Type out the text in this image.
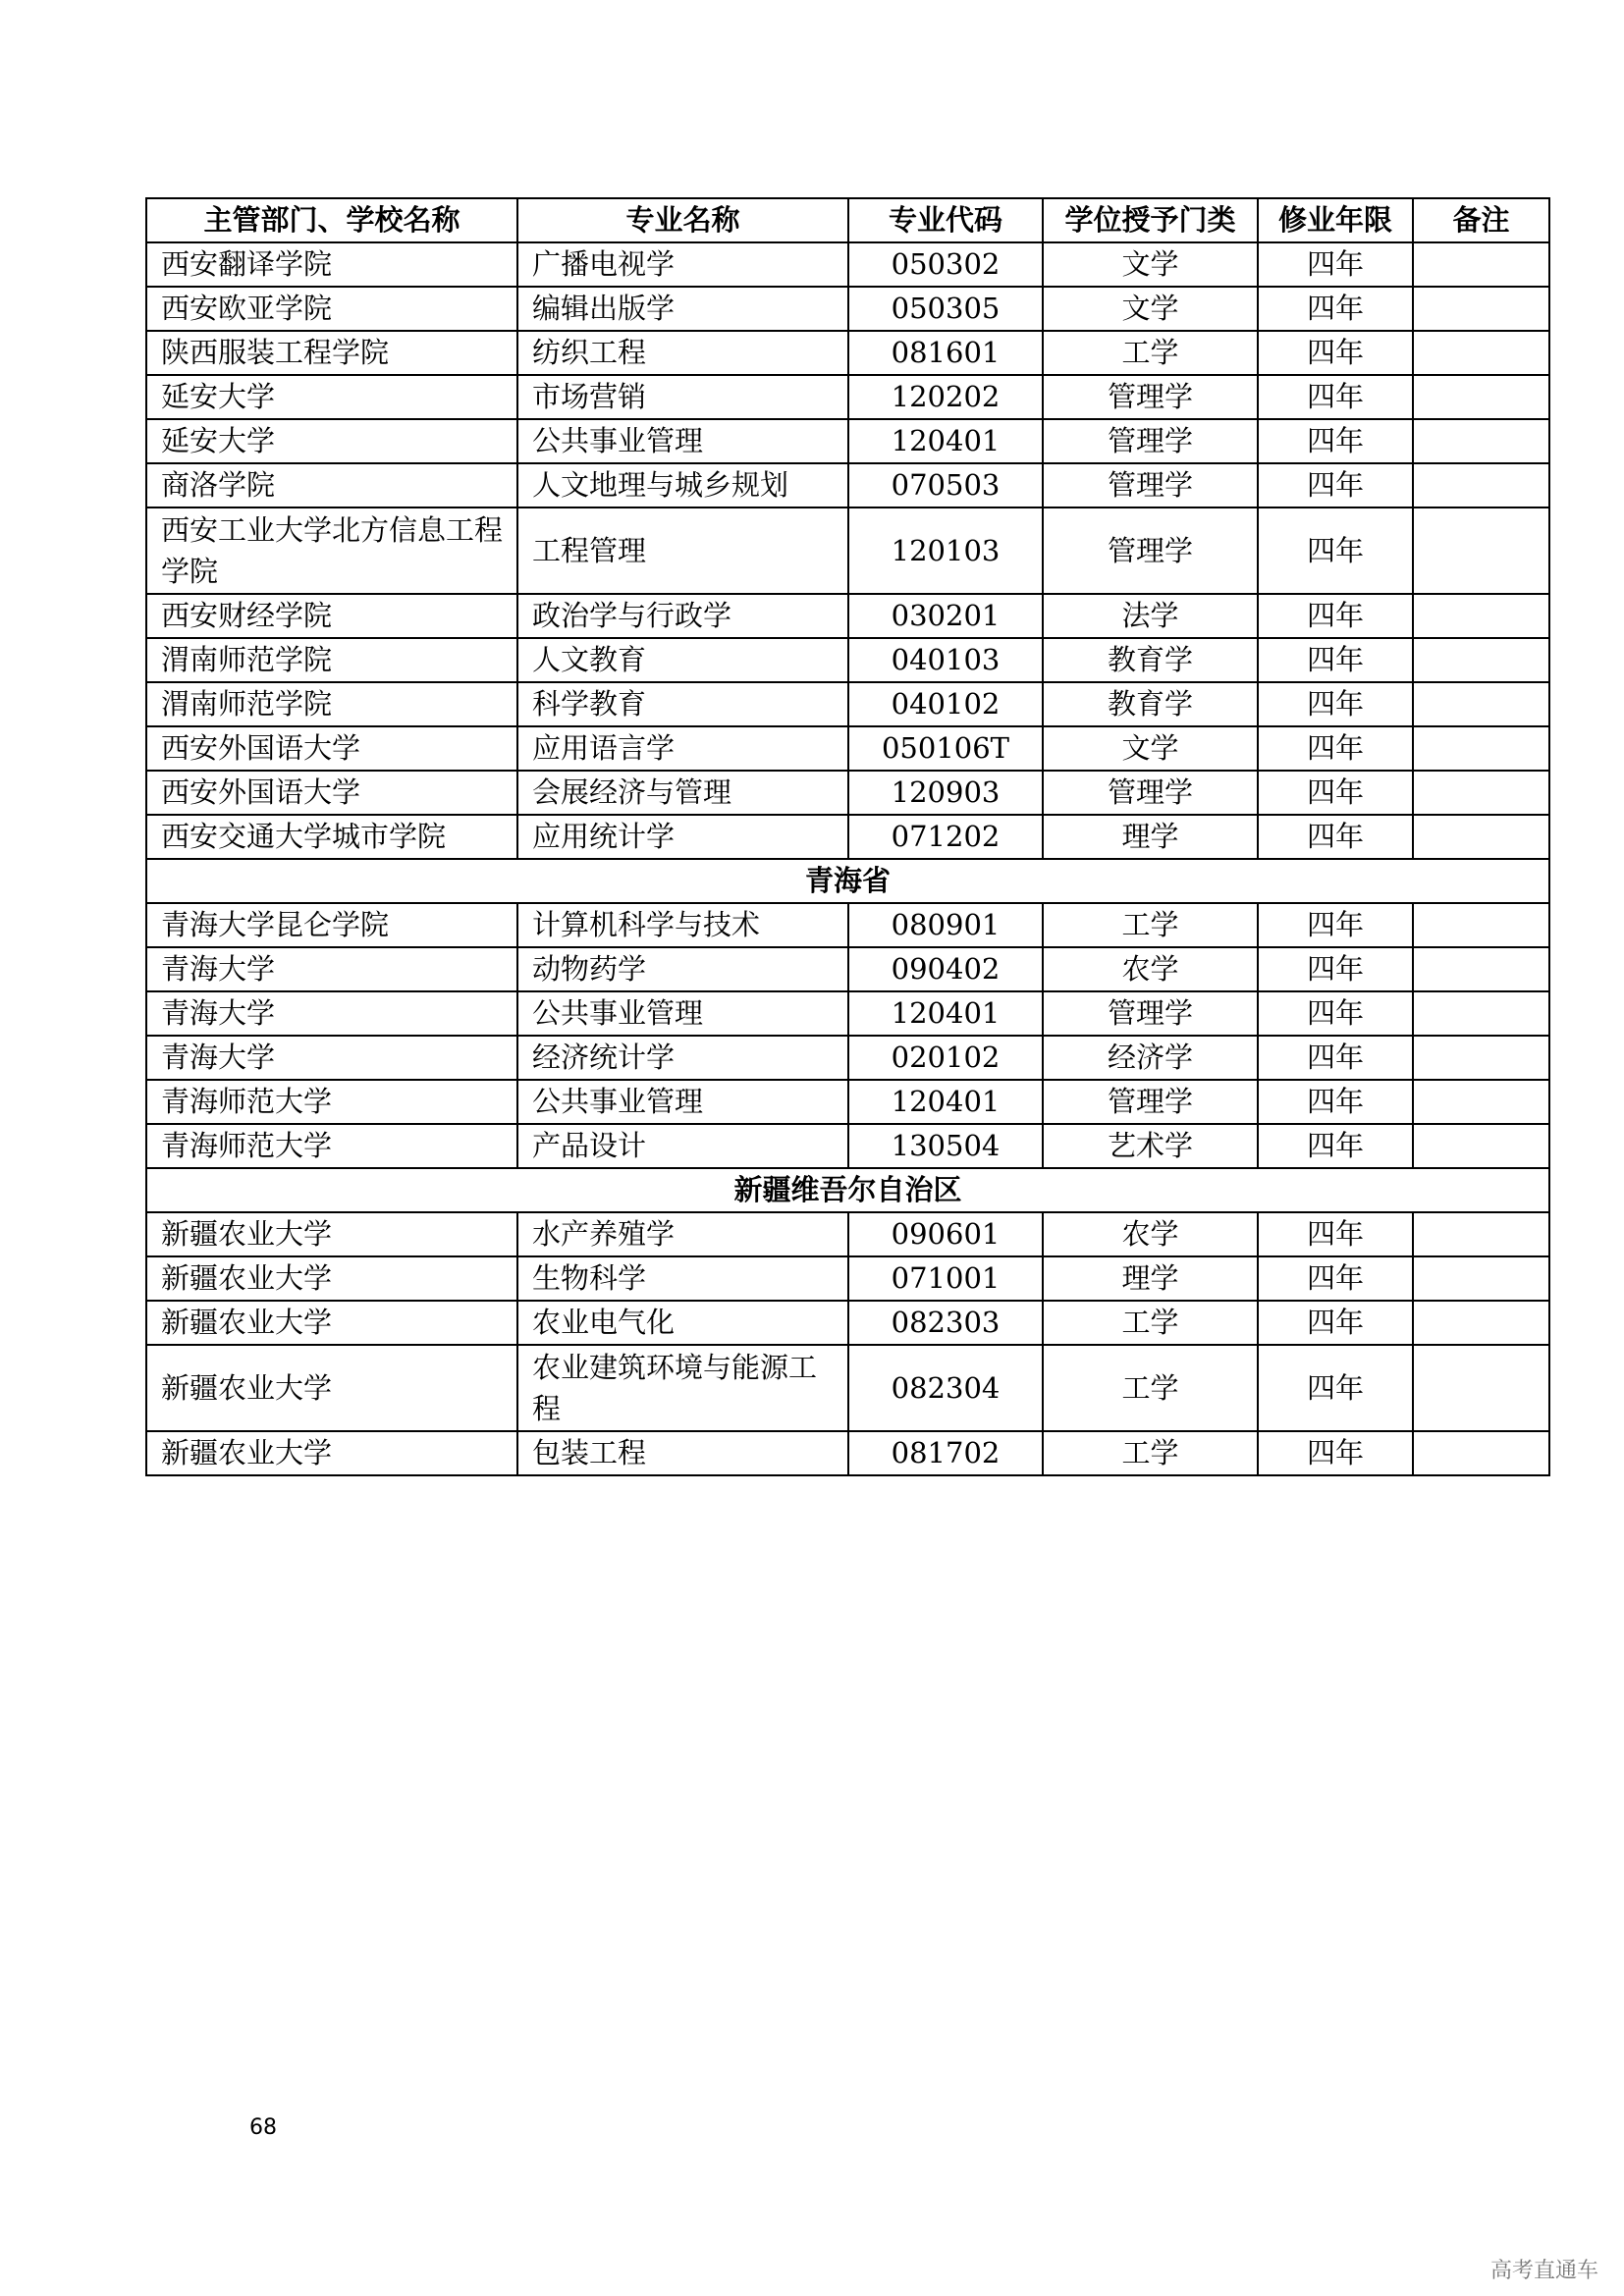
主管部门、学校名称	专业名称	专业代码	学位授予门类	修业年限	备注
西安翻译学院	广播电视学	050302	文学	四年	
西安欧亚学院	编辑出版学	050305	文学	四年	
陕西服装工程学院	纺织工程	081601	工学	四年	
延安大学	市场营销	120202	管理学	四年	
延安大学	公共事业管理	120401	管理学	四年	
商洛学院	人文地理与城乡规划	070503	管理学	四年	
西安工业大学北方信息工程学院	工程管理	120103	管理学	四年	
西安财经学院	政治学与行政学	030201	法学	四年	
渭南师范学院	人文教育	040103	教育学	四年	
渭南师范学院	科学教育	040102	教育学	四年	
西安外国语大学	应用语言学	050106T	文学	四年	
西安外国语大学	会展经济与管理	120903	管理学	四年	
西安交通大学城市学院	应用统计学	071202	理学	四年	
青海省					
青海大学昆仑学院	计算机科学与技术	080901	工学	四年	
青海大学	动物药学	090402	农学	四年	
青海大学	公共事业管理	120401	管理学	四年	
青海大学	经济统计学	020102	经济学	四年	
青海师范大学	公共事业管理	120401	管理学	四年	
青海师范大学	产品设计	130504	艺术学	四年	
新疆维吾尔自治区					
新疆农业大学	水产养殖学	090601	农学	四年	
新疆农业大学	生物科学	071001	理学	四年	
新疆农业大学	农业电气化	082303	工学	四年	
新疆农业大学	农业建筑环境与能源工程	082304	工学	四年	
新疆农业大学	包装工程	081702	工学	四年	
68
高考直通车
